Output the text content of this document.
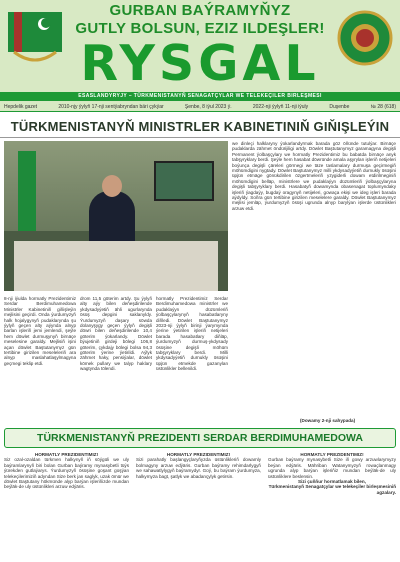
GURBAN BAÝRAMYŇYZ
GUTLY BOLSUN, EZIZ ILDEŞLER!
RYSGAL
ESASLANDYRYJY – TÜRKMENISTANYŇ SENAGATÇYLAR WE TELEKEÇILER BIRLEŞMESI
Hepdelik gazet	2010-njy ýylyň 17-nji sentýabryndan bäri çykýar	Şenbe, 8 iýul 2023 ý.	2022-nji ýylyň 11-nji iýuly	Duşenbe	№ 28 (618)
TÜRKMENISTANYŇ MINISTRLER KABINETINIŇ GIŇIŞLEÝIN
8-nji iýulda hormatly Prezidentimiz Serdar Berdimuhamedowa Ministrler Kabinetiniň giňişleýin mejlisini geçirdi. Onda ýurdumyzyň halk hojalygynyň pudaklarynda şu ýylyň geçen alty aýynda alnyp barlan işleriň jemi jemlendi, şeýle hem döwlet durmuşynyň birnäçe meselesine garaldy. Mejlisiň işini açan döwlet Baştutanymyz gün tertibine girizilen meseleleriň ara alnyp maslahatlaşylmagyna geçmegi teklip etdi.
drom 11,5 göterim artdy. Şu ýylyň alty aýy bilen deňeşdirilende ykdysadyýetiň ähli ugurlarynda ösüş depgini saklanyldy. Ýurdumyzyň daşary söwda dolanyşygy geçen ýylyň degişli döwri bilen deňeşdirilende 10,4 göterim ýokarlandy. Döwlet býujetiniň girdeji bölegi 106,8 göterim, çykdajy bölegi bolsa 94,3 göterim ýerine ýetirildi. Aýlyk zähmet haky, pensiýalar, döwlet kömek pullary we talyp haklary wagtynda tölendi.
hormatly Prezidentimiz Serdar Berdimuhamedowa ministrler we pudaklaýyn düzümleriň ýolbaşçylarynyň hasabatlaryny diňledi. Döwlet Baştutanymyz 2023-nji ýylyň birinji ýarymynda ýerine ýetirilen işleriň netijeleri barada hasabatlary diňläp, ýurdumyzyň durmuş-ykdysady ösüşine degişli möhüm tabşyryklary berdi. Milli ykdysadyýetiň durnukly ösüşini üpjün etmekde gazanylan üstünlikler bellenildi.
we dinleçi halklaryny ýokarlandyrmak barada göz öňünde tutulýar. Birnäçe pudaklarda zähmet öndürijiligi artdy. Döwlet Baştutanymyz garamagyna degişli Permanent ýolbaşçylary we hormatly Prezidentimiz bu babatda birnäçe anyk tabşyryklary berdi. Şeýle hem hasabat döwründe amala aşyrylan işleriň netijeleri boýunça degişli çäreleri görmegi we täze taslamalary durmuşa geçirmegiň möhümdigini nygtady. Döwlet Baştutanymyz milli ykdysadyýetiň durnukly ösüşini üpjün etmäge gönükdirilen özgertmeleriň yzygiderli dowam etdirilmeginiň möhümdigini belläp, ministrlere we pudaklaýyn düzümleriň ýolbaşçylaryna degişli tabşyryklary berdi. Hasabatyň dowamynda obasenagat toplumyndaky işleriň ýagdaýy, bugdaý oragynyň netijeleri, gowaça ekişi we ideg işleri barada aýdyldy. Soňra gün tertibine girizilen meselelere garaldy. Döwlet Baştutanymyz mejlisi jemläp, ýurdumyzyň ösüşi ugrunda alnyp barylýan işlerde üstünlikleri arzuw etdi.
(Dowamy 2-nji sahypada)
TÜRKMENISTANYŇ PREZIDENTI SERDAR BERDIMUHAMEDOWA
HORMATLY PREZIDENTIMIZ!
Siz ozal-ozaldan türkmen halkynyň iň söýgüli we uly baýramlarynyň biri bolan Gurban baýramy mynasybetli tüýs ýürekden gutlaýarys. Ýurdumyzyň ösüşine goşant goşýan telekeçilerimiziň adyndan Size berk jan saglyk, uzak ömür we döwlet Baştutany hökmünde alyp barýan işleriňizde mundan beýläk-de uly üstünlikleri arzuw edýäris.
HORMATLY PREZIDENTIMIZ!
Sizi parahatly başlangyçlaryňyzda üstünlikleriň dowamly bolmagyny arzuw edýäris. Gurban baýramy rehimdarlygyň we sahawatlylygyň baýramydyr. Goý, bu baýram ýurdumyza, halkymyza bagt, şatlyk we abadançylyk getirsin.
HORMATLY PREZIDENTIMIZ!
Gurban baýramy mynasybetli Size iň gowy arzuwlarymyzy beýan edýäris. Mähriban Watanymyzyň rowaçlanmagy ugrunda alyp barýan işleriňiz mundan beýläk-de uly üstünliklere beslensin.
Sizi çuňňur hormatlamak bilen,
Türkmenistanyň Senagatçylar we telekeçiler birleşmesiniň agzalary.
